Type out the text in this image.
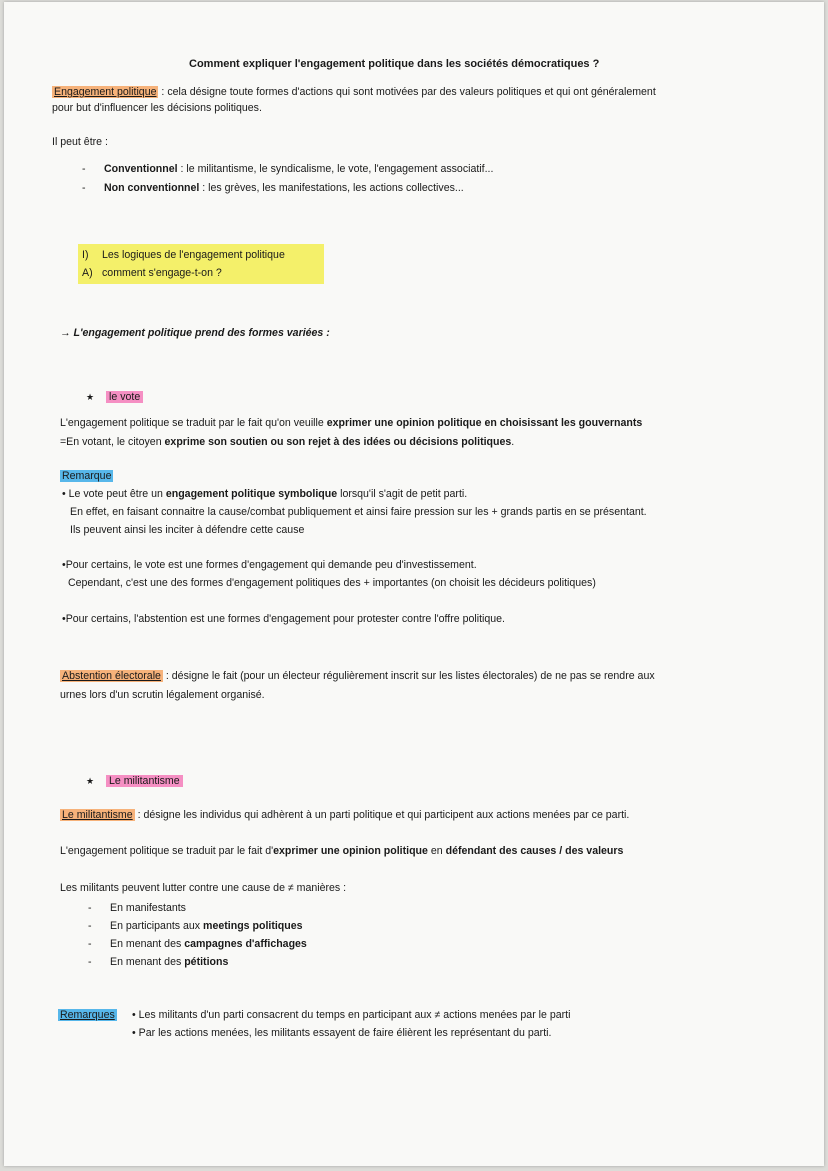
Comment expliquer l'engagement politique dans les sociétés démocratiques ?
Engagement politique : cela désigne toute formes d'actions qui sont motivées par des valeurs politiques et qui ont généralement
pour but d'influencer les décisions politiques.
Il peut être :
- Conventionnel : le militantisme, le syndicalisme, le vote, l'engagement associatif...
- Non conventionnel : les grèves, les manifestations, les actions collectives...
I) Les logiques de l'engagement politique
A) comment s'engage-t-on ?
→ L'engagement politique prend des formes variées :
★ le vote
L'engagement politique se traduit par le fait qu'on veuille exprimer une opinion politique en choisissant les gouvernants
=En votant, le citoyen exprime son soutien ou son rejet à des idées ou décisions politiques.
Remarque
• Le vote peut être un engagement politique symbolique lorsqu'il s'agit de petit parti.
En effet, en faisant connaitre la cause/combat publiquement et ainsi faire pression sur les + grands partis en se présentant.
Ils peuvent ainsi les inciter à défendre cette cause
•Pour certains, le vote est une formes d'engagement qui demande peu d'investissement.
Cependant, c'est une des formes d'engagement politiques des + importantes (on choisit les décideurs politiques)
•Pour certains, l'abstention est une formes d'engagement pour protester contre l'offre politique.
Abstention électorale : désigne le fait (pour un électeur régulièrement inscrit sur les listes électorales) de ne pas se rendre aux
urnes lors d'un scrutin légalement organisé.
★ Le militantisme
Le militantisme : désigne les individus qui adhèrent à un parti politique et qui participent aux actions menées par ce parti.
L'engagement politique se traduit par le fait d'exprimer une opinion politique en défendant des causes / des valeurs
Les militants peuvent lutter contre une cause de ≠ manières :
- En manifestants
- En participants aux meetings politiques
- En menant des campagnes d'affichages
- En menant des pétitions
Remarques • Les militants d'un parti consacrent du temps en participant aux ≠ actions menées par le parti
• Par les actions menées, les militants essayent de faire élièrent les représentant du parti.
